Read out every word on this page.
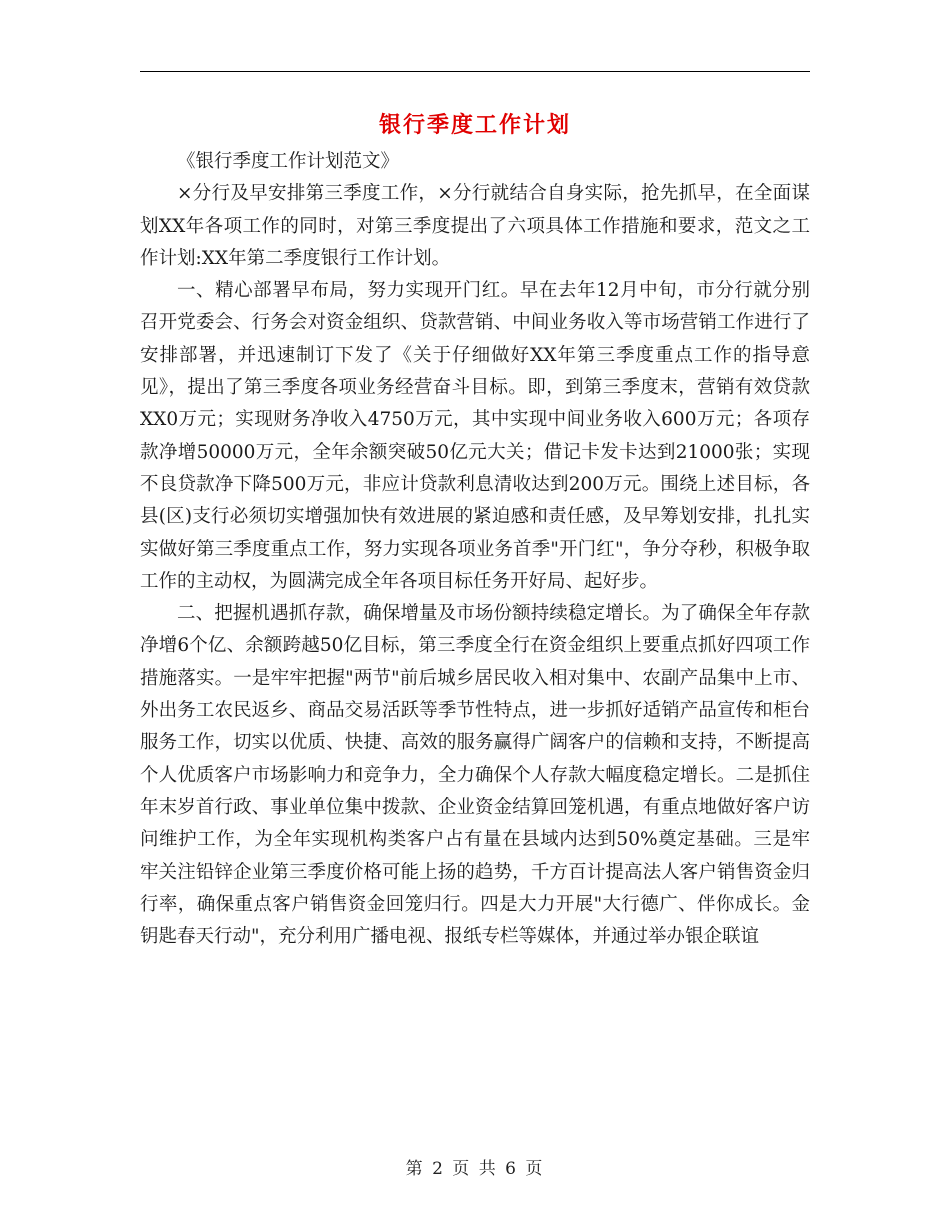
银行季度工作计划

《银行季度工作计划范文》

×分行及早安排第三季度工作，×分行就结合自身实际，抢先抓早，在全面谋划XX年各项工作的同时，对第三季度提出了六项具体工作措施和要求，范文之工作计划:XX年第二季度银行工作计划。

一、精心部署早布局，努力实现开门红。早在去年12月中旬，市分行就分别召开党委会、行务会对资金组织、贷款营销、中间业务收入等市场营销工作进行了安排部署，并迅速制订下发了《关于仔细做好XX年第三季度重点工作的指导意见》，提出了第三季度各项业务经营奋斗目标。即，到第三季度末，营销有效贷款XX0万元；实现财务净收入4750万元，其中实现中间业务收入600万元；各项存款净增50000万元，全年余额突破50亿元大关；借记卡发卡达到21000张；实现不良贷款净下降500万元，非应计贷款利息清收达到200万元。围绕上述目标，各县(区)支行必须切实增强加快有效进展的紧迫感和责任感，及早筹划安排，扎扎实实做好第三季度重点工作，努力实现各项业务首季"开门红"，争分夺秒，积极争取工作的主动权，为圆满完成全年各项目标任务开好局、起好步。

二、把握机遇抓存款，确保增量及市场份额持续稳定增长。为了确保全年存款净增6个亿、余额跨越50亿目标，第三季度全行在资金组织上要重点抓好四项工作措施落实。一是牢牢把握"两节"前后城乡居民收入相对集中、农副产品集中上市、外出务工农民返乡、商品交易活跃等季节性特点，进一步抓好适销产品宣传和柜台服务工作，切实以优质、快捷、高效的服务赢得广阔客户的信赖和支持，不断提高个人优质客户市场影响力和竞争力，全力确保个人存款大幅度稳定增长。二是抓住年末岁首行政、事业单位集中拨款、企业资金结算回笼机遇，有重点地做好客户访问维护工作，为全年实现机构类客户占有量在县域内达到50%奠定基础。三是牢牢关注铅锌企业第三季度价格可能上扬的趋势，千方百计提高法人客户销售资金归行率，确保重点客户销售资金回笼归行。四是大力开展"大行德广、伴你成长。金钥匙春天行动"，充分利用广播电视、报纸专栏等媒体，并通过举办银企联谊

第 2 页 共 6 页
